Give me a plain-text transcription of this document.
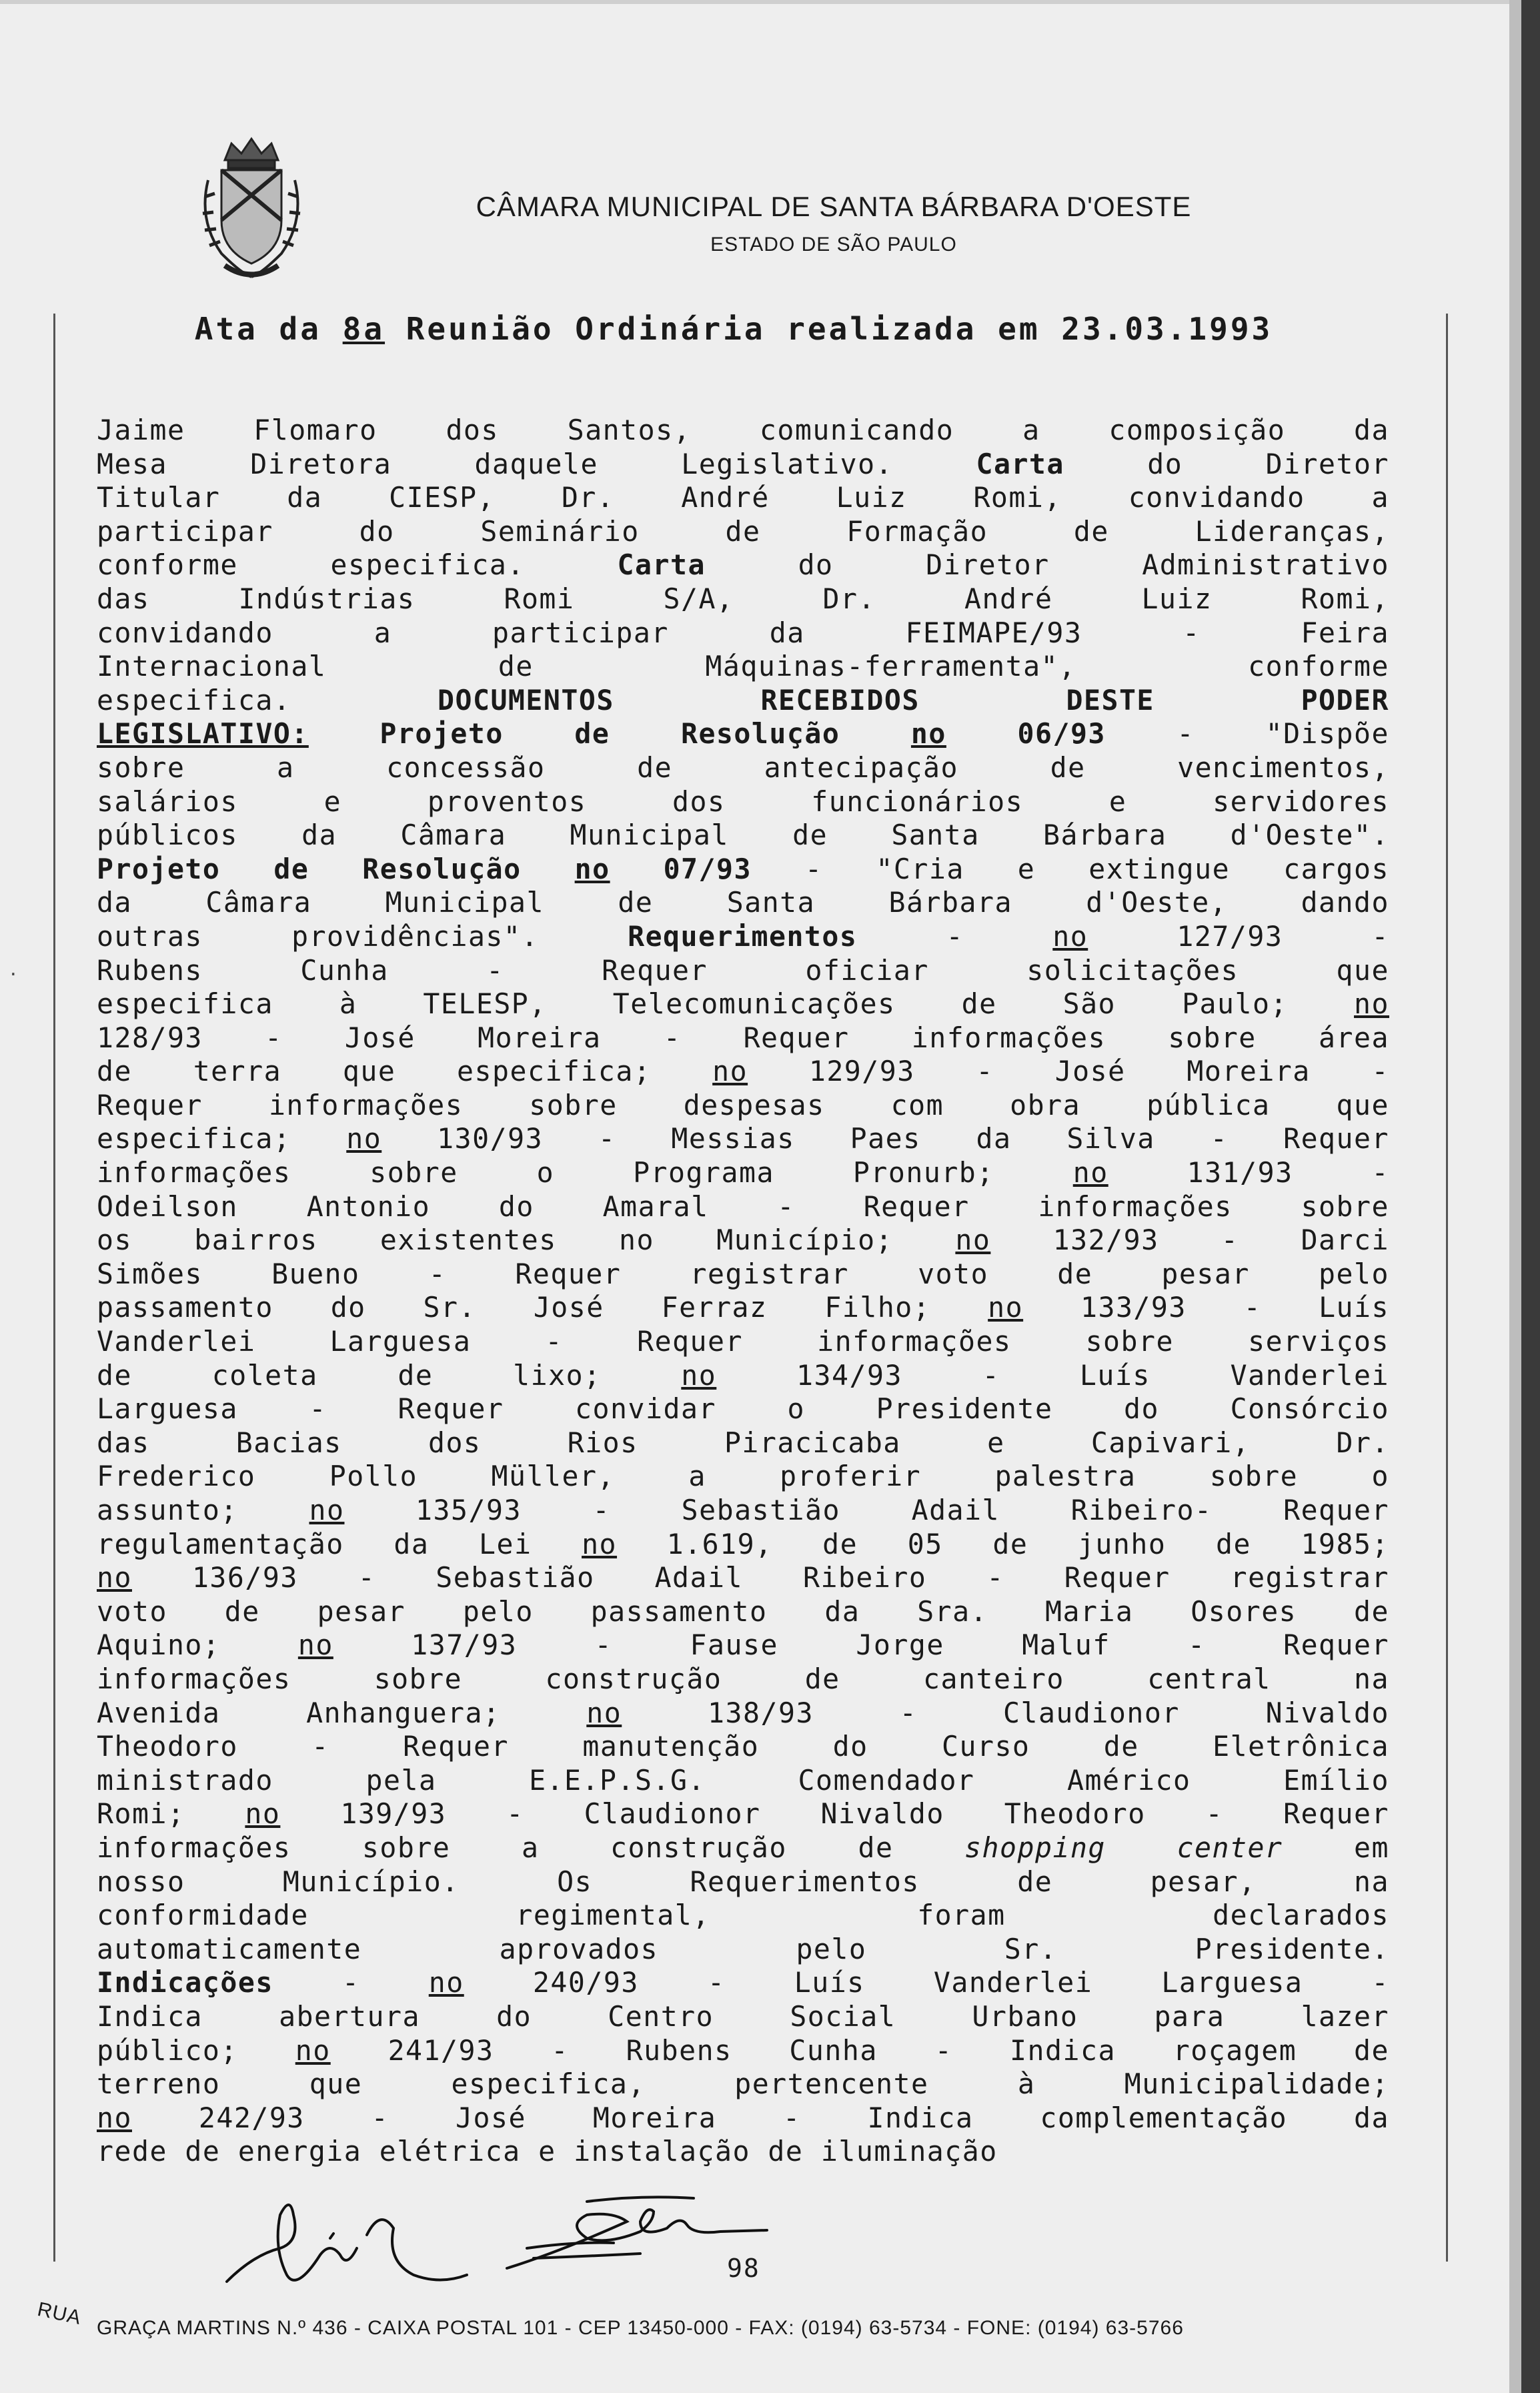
CÂMARA MUNICIPAL DE SANTA BÁRBARA D'OESTE
ESTADO DE SÃO PAULO
Ata da 8a Reunião Ordinária realizada em 23.03.1993
·
Jaime Flomaro dos Santos, comunicando a composição da
Mesa Diretora daquele Legislativo. Carta do Diretor
Titular da CIESP, Dr. André Luiz Romi, convidando a
participar do Seminário de Formação de Lideranças,
conforme especifica. Carta do Diretor Administrativo
das Indústrias Romi S/A, Dr. André Luiz Romi,
convidando a participar da FEIMAPE/93 - Feira
Internacional de Máquinas-ferramenta", conforme
especifica. DOCUMENTOS RECEBIDOS DESTE PODER
LEGISLATIVO: Projeto de Resolução no 06/93 - "Dispõe
sobre a concessão de antecipação de vencimentos,
salários e proventos dos funcionários e servidores
públicos da Câmara Municipal de Santa Bárbara d'Oeste".
Projeto de Resolução no 07/93 - "Cria e extingue cargos
da Câmara Municipal de Santa Bárbara d'Oeste, dando
outras providências". Requerimentos - no 127/93 -
Rubens Cunha - Requer oficiar solicitações que
especifica à TELESP, Telecomunicações de São Paulo; no
128/93 - José Moreira - Requer informações sobre área
de terra que especifica; no 129/93 - José Moreira -
Requer informações sobre despesas com obra pública que
especifica; no 130/93 - Messias Paes da Silva - Requer
informações sobre o Programa Pronurb; no 131/93 -
Odeilson Antonio do Amaral - Requer informações sobre
os bairros existentes no Município; no 132/93 - Darci
Simões Bueno - Requer registrar voto de pesar pelo
passamento do Sr. José Ferraz Filho; no 133/93 - Luís
Vanderlei Larguesa - Requer informações sobre serviços
de coleta de lixo; no 134/93 - Luís Vanderlei
Larguesa - Requer convidar o Presidente do Consórcio
das Bacias dos Rios Piracicaba e Capivari, Dr.
Frederico Pollo Müller, a proferir palestra sobre o
assunto; no 135/93 - Sebastião Adail Ribeiro- Requer
regulamentação da Lei no 1.619, de 05 de junho de 1985;
no 136/93 - Sebastião Adail Ribeiro - Requer registrar
voto de pesar pelo passamento da Sra. Maria Osores de
Aquino; no 137/93 - Fause Jorge Maluf - Requer
informações sobre construção de canteiro central na
Avenida Anhanguera; no 138/93 - Claudionor Nivaldo
Theodoro - Requer manutenção do Curso de Eletrônica
ministrado pela E.E.P.S.G. Comendador Américo Emílio
Romi; no 139/93 - Claudionor Nivaldo Theodoro - Requer
informações sobre a construção de shopping center em
nosso Município. Os Requerimentos de pesar, na
conformidade regimental, foram declarados
automaticamente aprovados pelo Sr. Presidente.
Indicações - no 240/93 - Luís Vanderlei Larguesa -
Indica abertura do Centro Social Urbano para lazer
público; no 241/93 - Rubens Cunha - Indica roçagem de
terreno que especifica, pertencente à Municipalidade;
no 242/93 - José Moreira - Indica complementação da
rede de energia elétrica e instalação de iluminação
98
RUA GRAÇA MARTINS N.º 436 - CAIXA POSTAL 101 - CEP 13450-000 - FAX: (0194) 63-5734 - FONE: (0194) 63-5766
